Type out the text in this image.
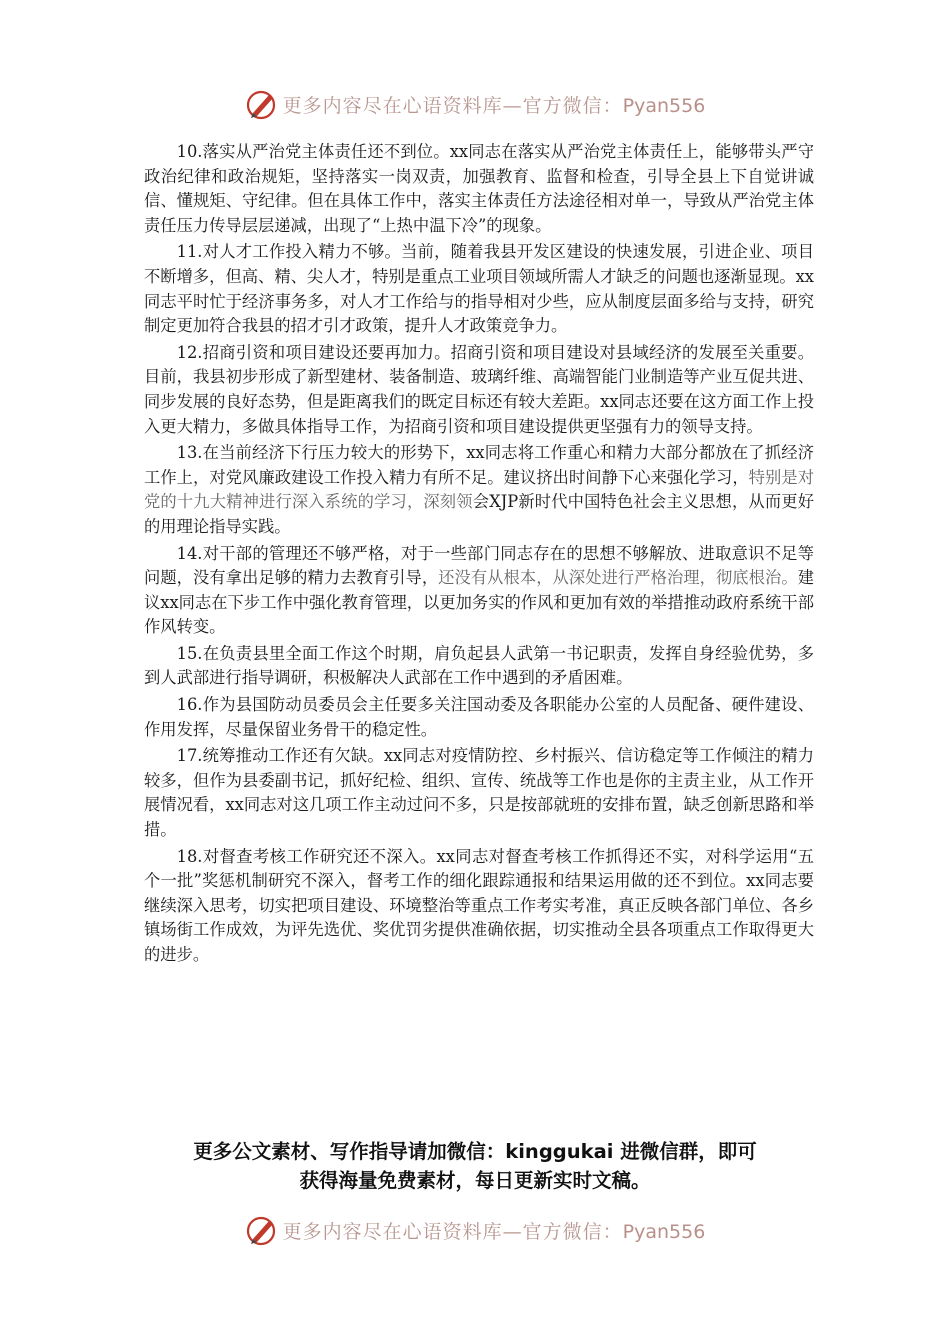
更多内容尽在心语资料库—官方微信：Pyan556

10.落实从严治党主体责任还不到位。xx同志在落实从严治党主体责任上，能够带头严守政治纪律和政治规矩，坚持落实一岗双责，加强教育、监督和检查，引导全县上下自觉讲诚信、懂规矩、守纪律。但在具体工作中，落实主体责任方法途径相对单一，导致从严治党主体责任压力传导层层递减，出现了“上热中温下冷”的现象。

11.对人才工作投入精力不够。当前，随着我县开发区建设的快速发展，引进企业、项目不断增多，但高、精、尖人才，特别是重点工业项目领域所需人才缺乏的问题也逐渐显现。xx同志平时忙于经济事务多，对人才工作给与的指导相对少些，应从制度层面多给与支持，研究制定更加符合我县的招才引才政策，提升人才政策竞争力。

12.招商引资和项目建设还要再加力。招商引资和项目建设对县域经济的发展至关重要。目前，我县初步形成了新型建材、装备制造、玻璃纤维、高端智能门业制造等产业互促共进、同步发展的良好态势，但是距离我们的既定目标还有较大差距。xx同志还要在这方面工作上投入更大精力，多做具体指导工作，为招商引资和项目建设提供更坚强有力的领导支持。

13.在当前经济下行压力较大的形势下，xx同志将工作重心和精力大部分都放在了抓经济工作上，对党风廉政建设工作投入精力有所不足。建议挤出时间静下心来强化学习，特别是对党的十九大精神进行深入系统的学习，深刻领会XJP新时代中国特色社会主义思想，从而更好的用理论指导实践。

14.对干部的管理还不够严格，对于一些部门同志存在的思想不够解放、进取意识不足等问题，没有拿出足够的精力去教育引导，还没有从根本，从深处进行严格治理，彻底根治。建议xx同志在下步工作中强化教育管理，以更加务实的作风和更加有效的举措推动政府系统干部作风转变。

15.在负责县里全面工作这个时期，肩负起县人武第一书记职责，发挥自身经验优势，多到人武部进行指导调研，积极解决人武部在工作中遇到的矛盾困难。

16.作为县国防动员委员会主任要多关注国动委及各职能办公室的人员配备、硬件建设、作用发挥，尽量保留业务骨干的稳定性。

17.统筹推动工作还有欠缺。xx同志对疫情防控、乡村振兴、信访稳定等工作倾注的精力较多，但作为县委副书记，抓好纪检、组织、宣传、统战等工作也是你的主责主业，从工作开展情况看，xx同志对这几项工作主动过问不多，只是按部就班的安排布置，缺乏创新思路和举措。

18.对督查考核工作研究还不深入。xx同志对督查考核工作抓得还不实，对科学运用“五个一批”奖惩机制研究不深入，督考工作的细化跟踪通报和结果运用做的还不到位。xx同志要继续深入思考，切实把项目建设、环境整治等重点工作考实考准，真正反映各部门单位、各乡镇场街工作成效，为评先选优、奖优罚劣提供准确依据，切实推动全县各项重点工作取得更大的进步。

更多公文素材、写作指导请加微信：kinggukai 进微信群，即可
获得海量免费素材，每日更新实时文稿。
更多内容尽在心语资料库—官方微信：Pyan556
